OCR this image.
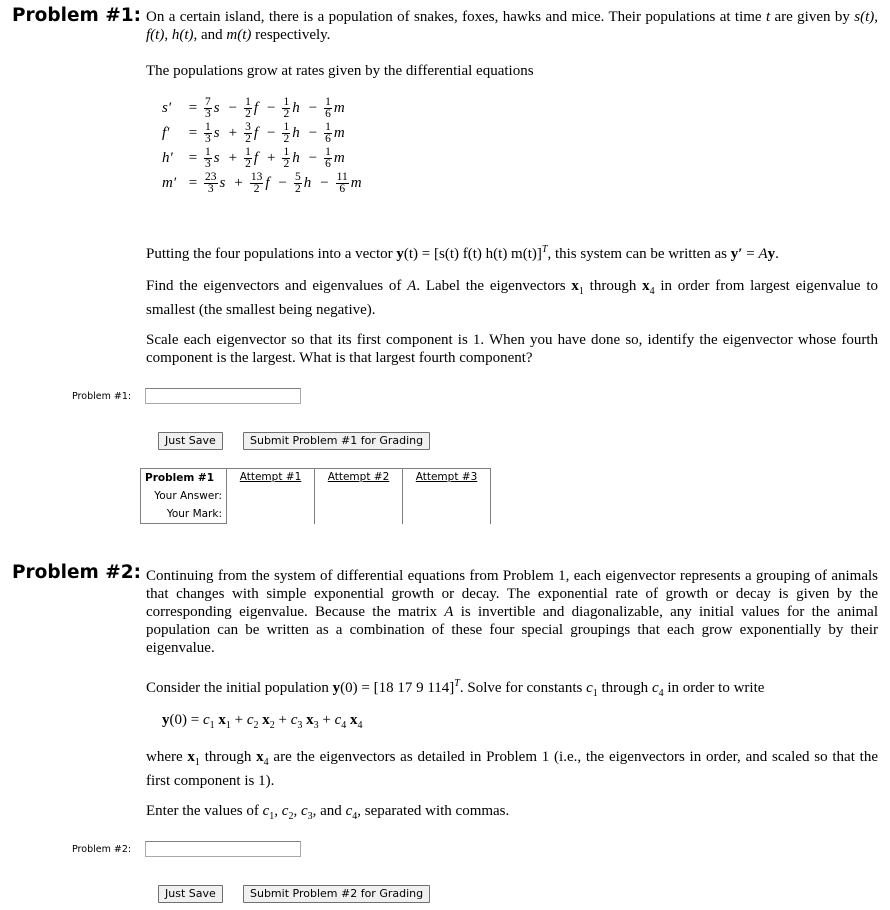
Problem #1: On a certain island, there is a population of snakes, foxes, hawks and mice. Their populations at time t are given by s(t), f(t), h(t), and m(t) respectively.
The populations grow at rates given by the differential equations
$s' = \frac{7}{3}$ $s - \frac{1}{2}$ $f - \frac{1}{2}$ $h - \frac{1}{6}$ m
$f' = \frac{1}{3}$ $s + \frac{3}{2}$ $f - \frac{1}{2}$ $h - \frac{1}{6}$ m
$h' = \frac{1}{3}$ $s + \frac{1}{2}$ $f + \frac{1}{2}$ $h - \frac{1}{6}$ m
$m' = \frac{23}{3}$ $s + \frac{13}{2}$ $f - \frac{5}{2}$ $h - \frac{11}{6}$ m
Putting the four populations into a vector y(t) = [s(t) f(t) h(t) m(t)]$^T$, this system can be written as y′ = Ay.
Find the eigenvectors and eigenvalues of A. Label the eigenvectors $x_1$ through $x_4$ in order from largest eigenvalue to smallest (the smallest being negative).
Scale each eigenvector so that its first component is 1. When you have done so, identify the eigenvector whose fourth component is the largest. What is that largest fourth component?
Problem #1:
Just Save	Submit Problem #1 for Grading
Problem #1	Attempt #1	Attempt #2	Attempt #3
Your Answer:
Your Mark:
Problem #2: Continuing from the system of differential equations from Problem 1, each eigenvector represents a grouping of animals that changes with simple exponential growth or decay. The exponential rate of growth or decay is given by the corresponding eigenvalue. Because the matrix A is invertible and diagonalizable, any initial values for the animal population can be written as a combination of these four special groupings that each grow exponentially by their eigenvalue.
Consider the initial population y(0) = [18 17 9 114]$^T$. Solve for constants $c_1$ through $c_4$ in order to write
$y(0) = c_1$ $x_1 + c_2$ $x_2 + c_3$ $x_3 + c_4$ $x_4$
where $x_1$ through $x_4$ are the eigenvectors as detailed in Problem 1 (i.e., the eigenvectors in order, and scaled so that the first component is 1).
Enter the values of $c_1$, $c_2$, $c_3$, and $c_4$, separated with commas.
Problem #2:
Just Save	Submit Problem #2 for Grading
